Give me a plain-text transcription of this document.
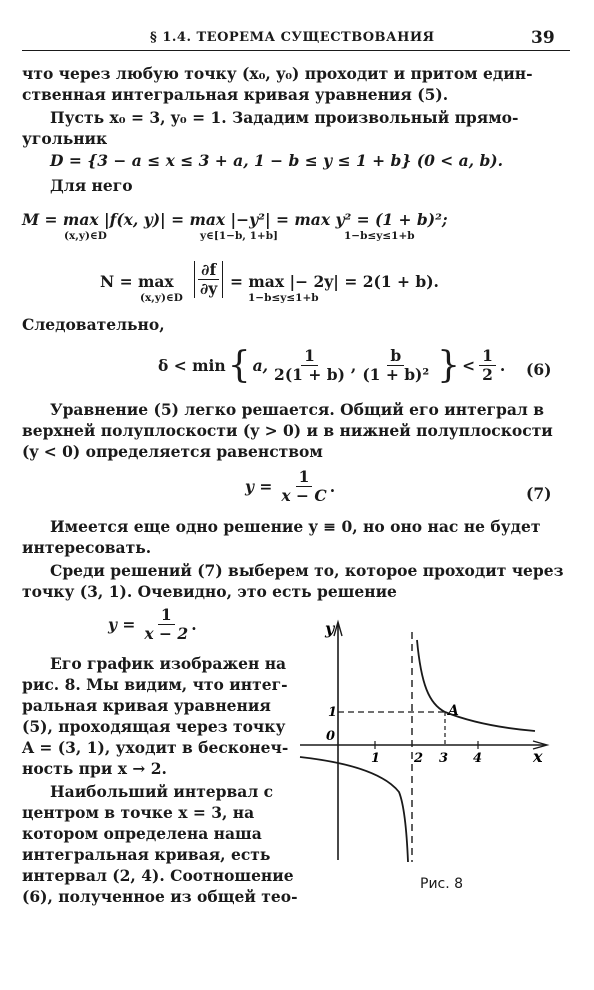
§ 1.4. ТЕОРЕМА СУЩЕСТВОВАНИЯ	39
что через любую точку (x₀, y₀) проходит и притом един-
ственная интегральная кривая уравнения (5).
Пусть x₀ = 3, y₀ = 1. Зададим произвольный прямо-
угольник
D = {3 − a ≤ x ≤ 3 + a, 1 − b ≤ y ≤ 1 + b} (0 < a, b).
Для него
M = max |f(x, y)| = max |−y²| = max y² = (1 + b)²;
(x,y)∈D	y∈[1−b, 1+b]	1−b≤y≤1+b
$N = \max \frac{\partial f}{\partial y} = \max$ |− 2y| = 2(1 + b).
(x,y)∈D	1−b≤y≤1+b
Следовательно,
δ < min { a, $\frac{1}{2(1 + b)}$ , $\frac{b}{\text{(1 + b)²}}$ } < $\frac{1}{2}$ . (6)
Уравнение (5) легко решается. Общий его интеграл в
верхней полуплоскости (y > 0) и в нижней полуплоскости
(y < 0) определяется равенством
$y = \frac{1}{x - C}$ .	(7)
Имеется еще одно решение y ≡ 0, но оно нас не будет
интересовать.
Среди решений (7) выберем то, которое проходит через
точку (3, 1). Очевидно, это есть решение
$y = \frac{1}{x - 2}$ .
Его график изображен на
рис. 8. Мы видим, что интег-
ральная кривая уравнения
(5), проходящая через точку
A = (3, 1), уходит в бесконеч-
ность при x → 2.
Наибольший интервал с
центром в точке x = 3, на
котором определена наша
интегральная кривая, есть
интервал (2, 4). Соотношение
(6), полученное из общей тео-
y
x
0
1
1	2 3 4
A
Рис. 8
